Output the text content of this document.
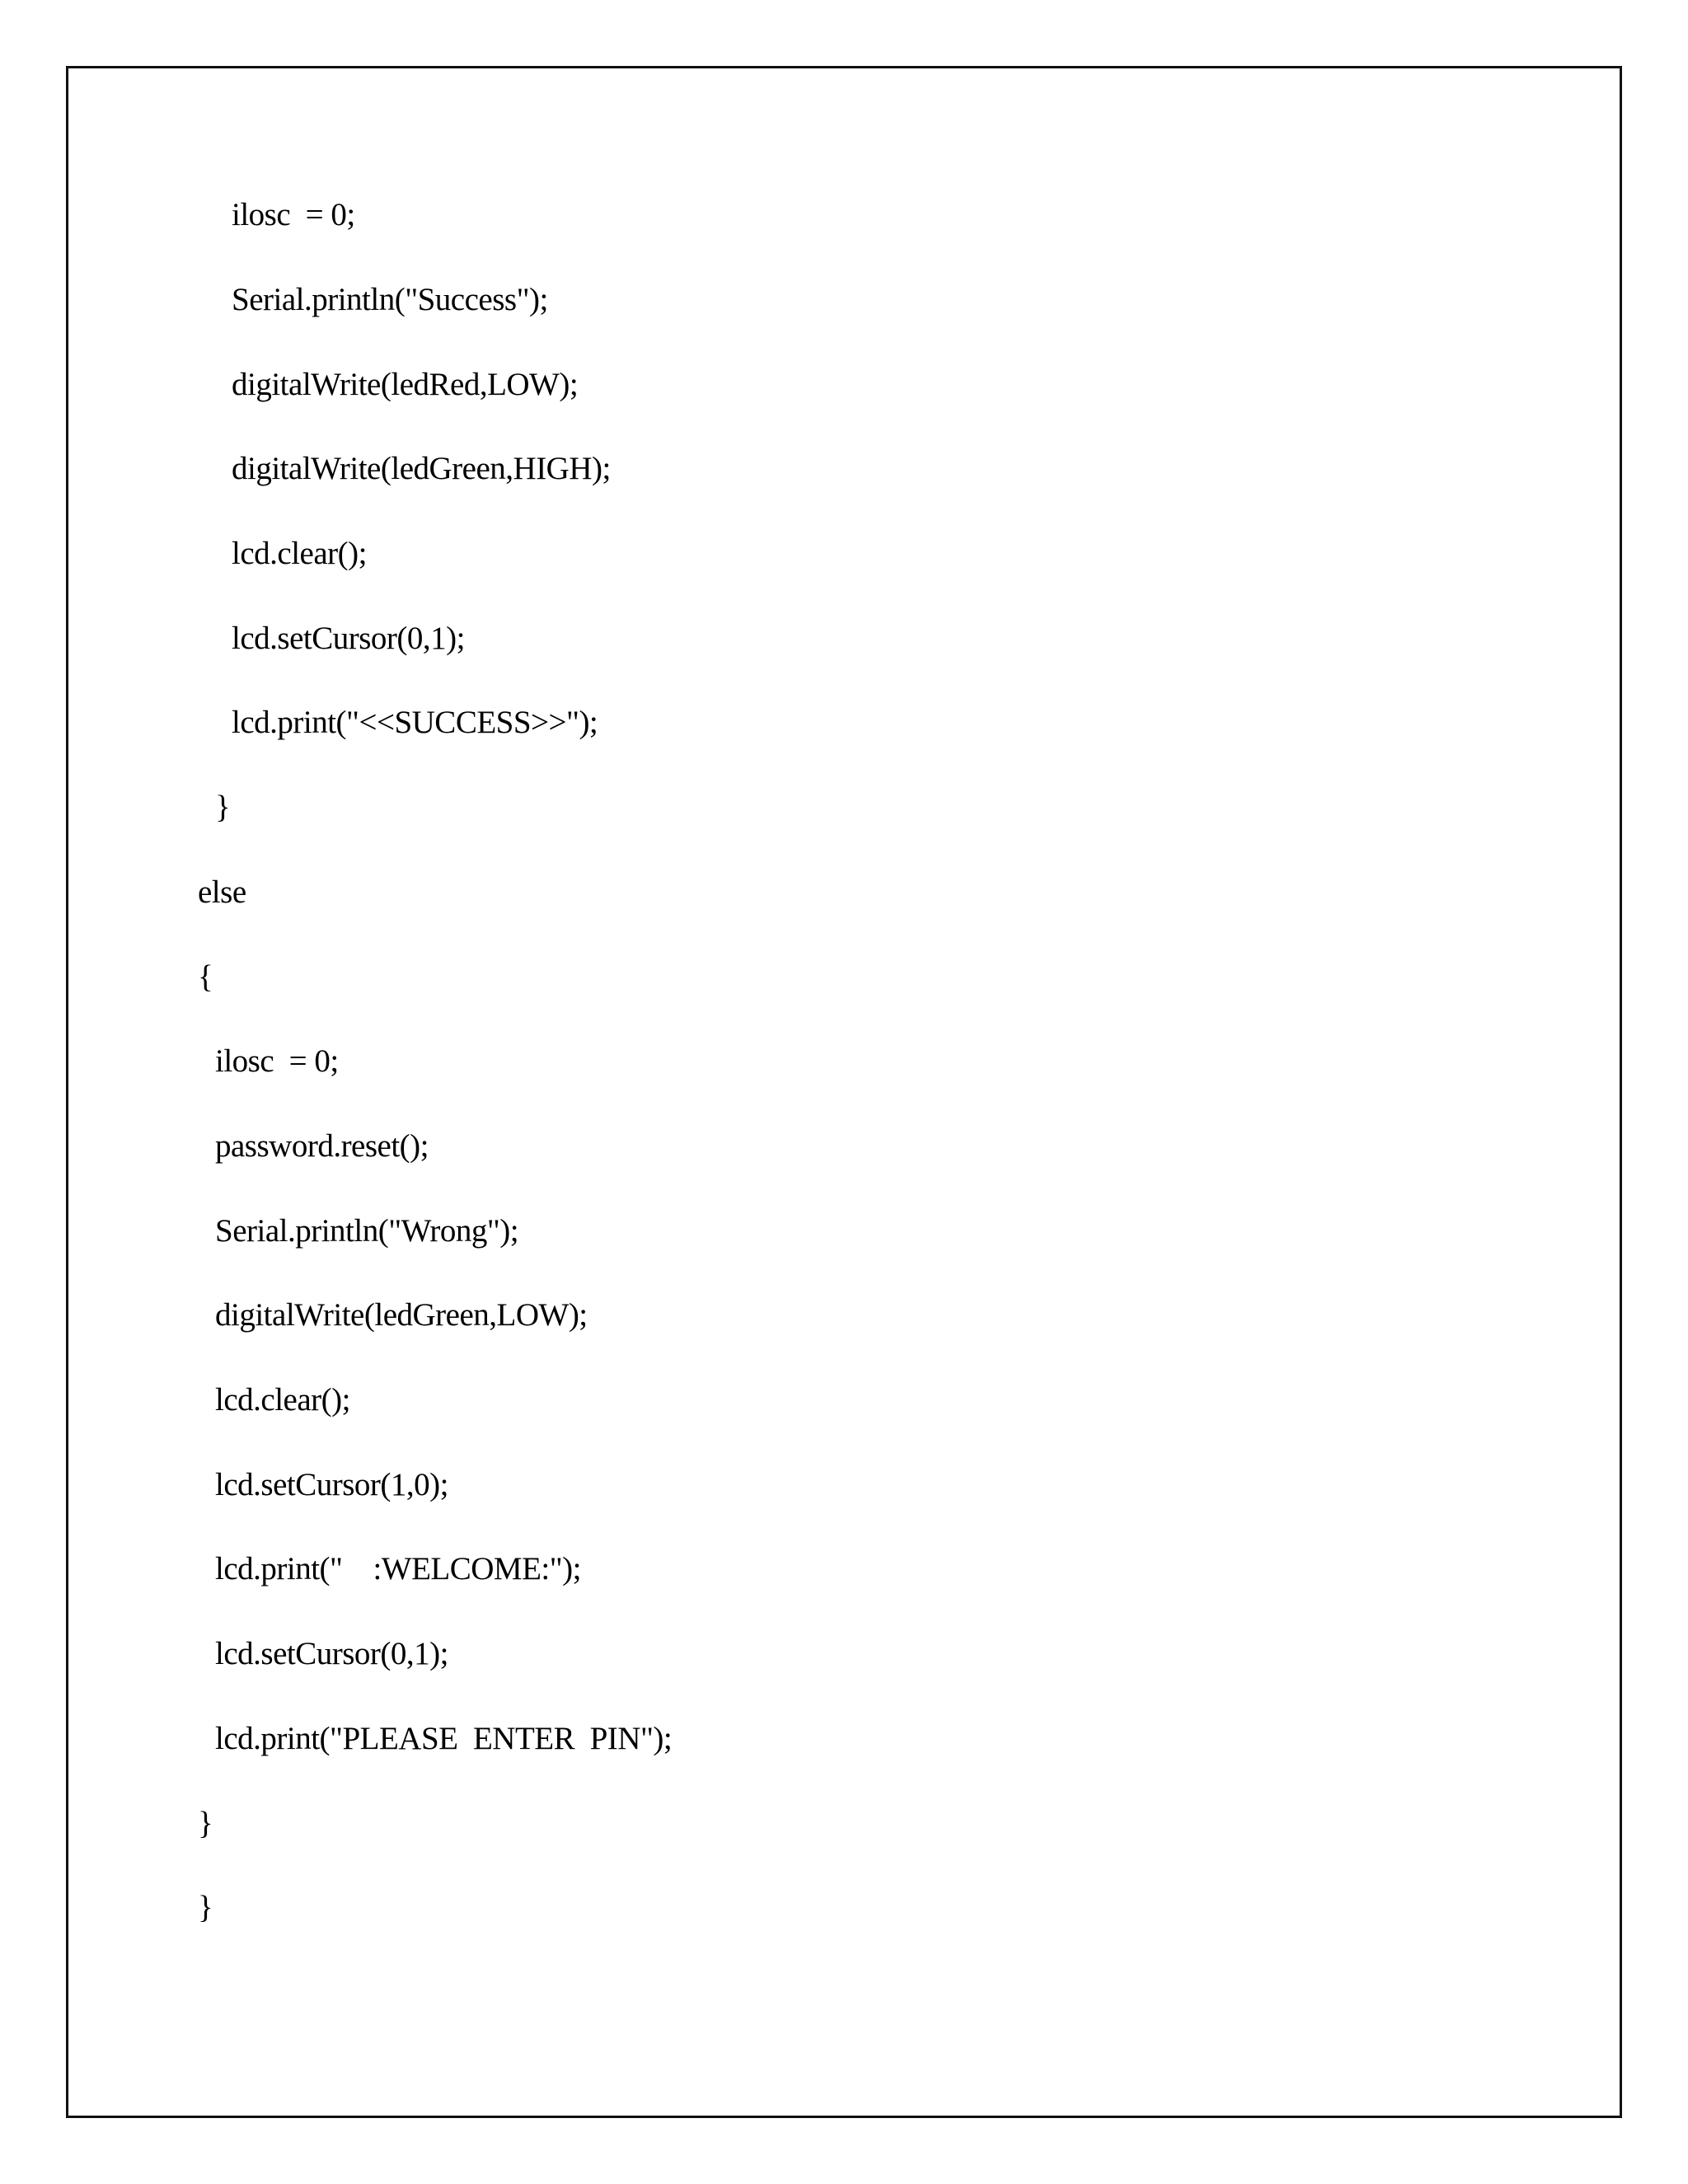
ilosc  = 0;
Serial.println("Success");
digitalWrite(ledRed,LOW);
digitalWrite(ledGreen,HIGH);
lcd.clear();
lcd.setCursor(0,1);
lcd.print("<<SUCCESS>>");
}
else
{
ilosc  = 0;
password.reset();
Serial.println("Wrong");
digitalWrite(ledGreen,LOW);
lcd.clear();
lcd.setCursor(1,0);
lcd.print("    :WELCOME:");
lcd.setCursor(0,1);
lcd.print("PLEASE  ENTER  PIN");
}
}
